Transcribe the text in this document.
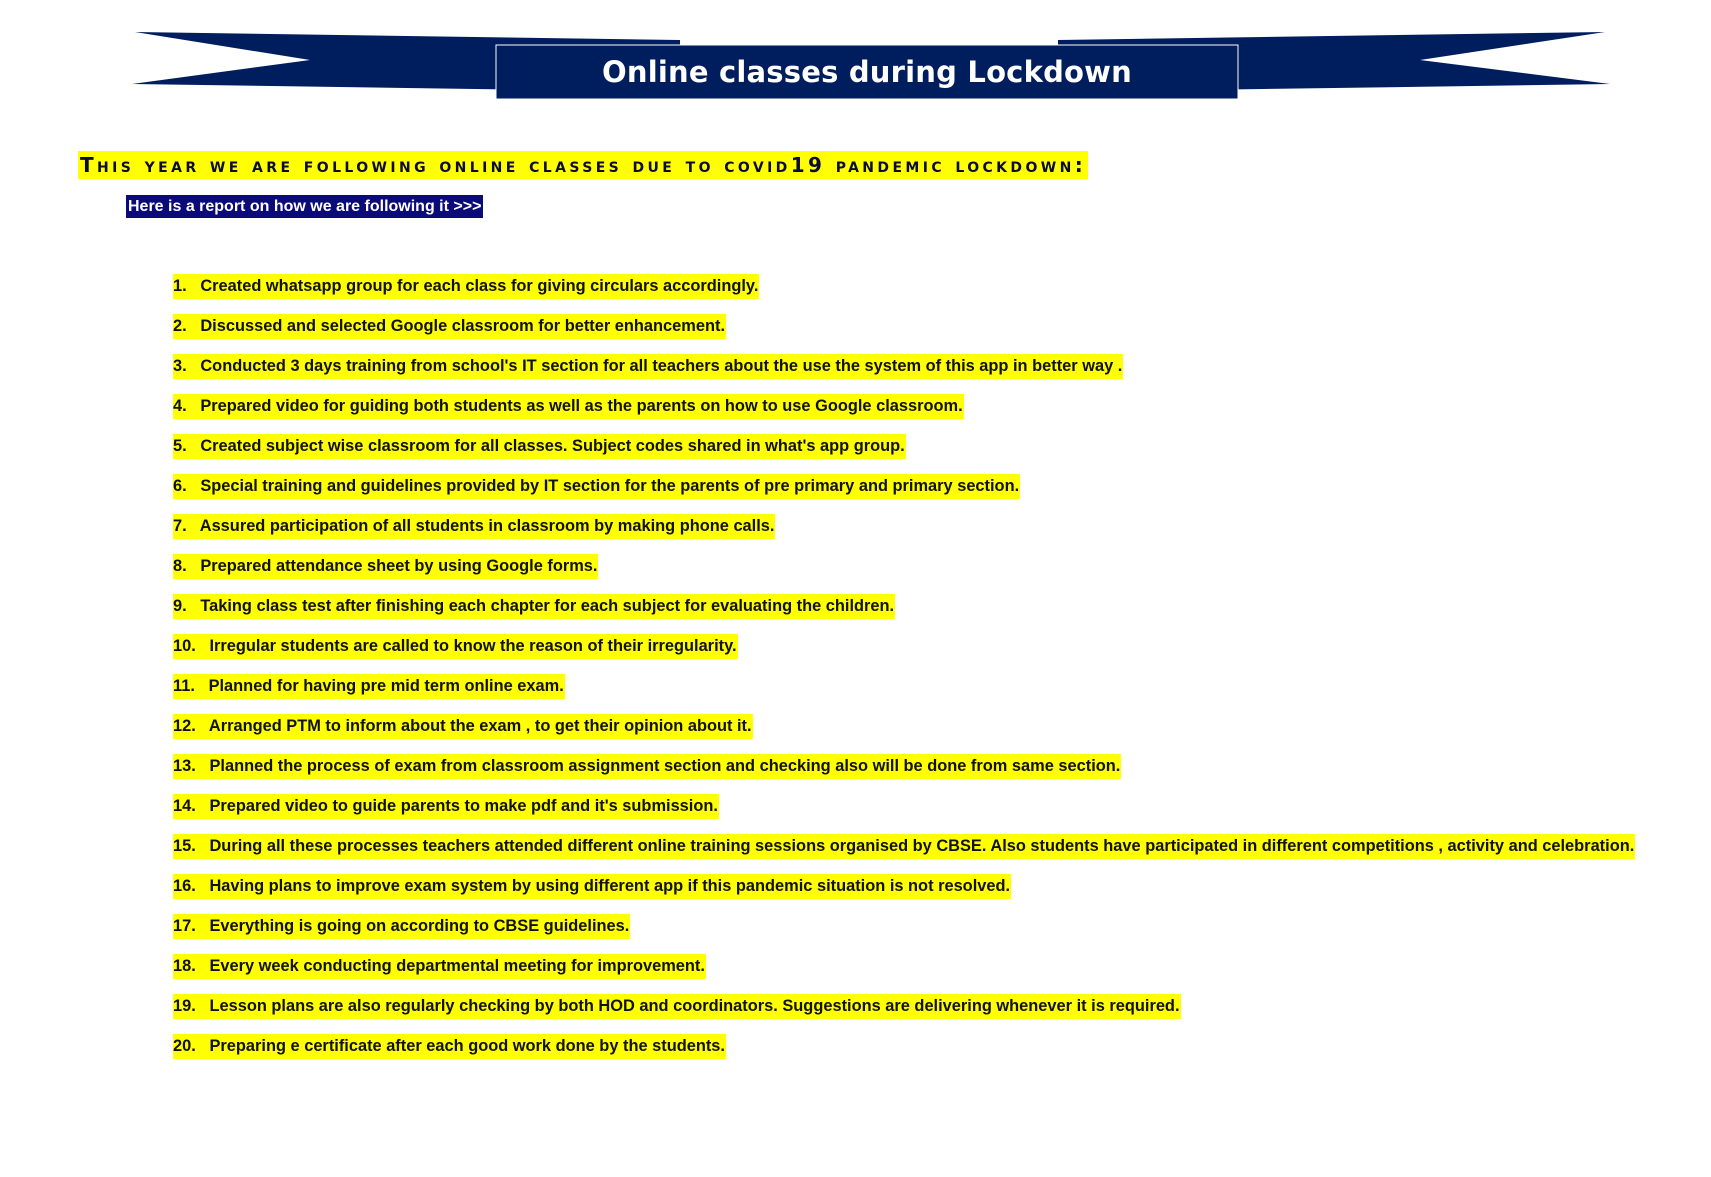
Online classes during Lockdown
This year we are following online classes due to covid19 pandemic lockdown:
Here is a report on how we are following it >>>
1. Created whatsapp group for each class for giving circulars accordingly.
2. Discussed and selected Google classroom for better enhancement.
3. Conducted 3 days training from school's IT section for all teachers about the use the system of this app in better way .
4. Prepared video for guiding both students as well as the parents on how to use Google classroom.
5. Created subject wise classroom for all classes. Subject codes shared in what's app group.
6. Special training and guidelines provided by IT section for the parents of pre primary and primary section.
7. Assured participation of all students in classroom by making phone calls.
8.   Prepared attendance sheet by using Google forms.
9.   Taking class test after finishing each chapter for each subject for evaluating the children.
10.   Irregular students are called to know the reason of their irregularity.
11.   Planned for having pre mid term online exam.
12. Arranged PTM to inform about the exam , to get their opinion about it.
13. Planned the process of exam from classroom assignment section and checking also will be done from same section.
14. Prepared video to guide parents to make pdf and it's submission.
15. During all these processes teachers attended different online training sessions organised by CBSE. Also students have participated in different competitions , activity and celebration.
16.   Having plans to improve exam system by using different app if this pandemic situation is not resolved.
17.   Everything is going on according to CBSE guidelines.
18.   Every week conducting departmental meeting for improvement.
19.   Lesson plans are also regularly checking by both HOD and coordinators. Suggestions are delivering whenever it is required.
20.   Preparing e certificate after each good work done by the students.
